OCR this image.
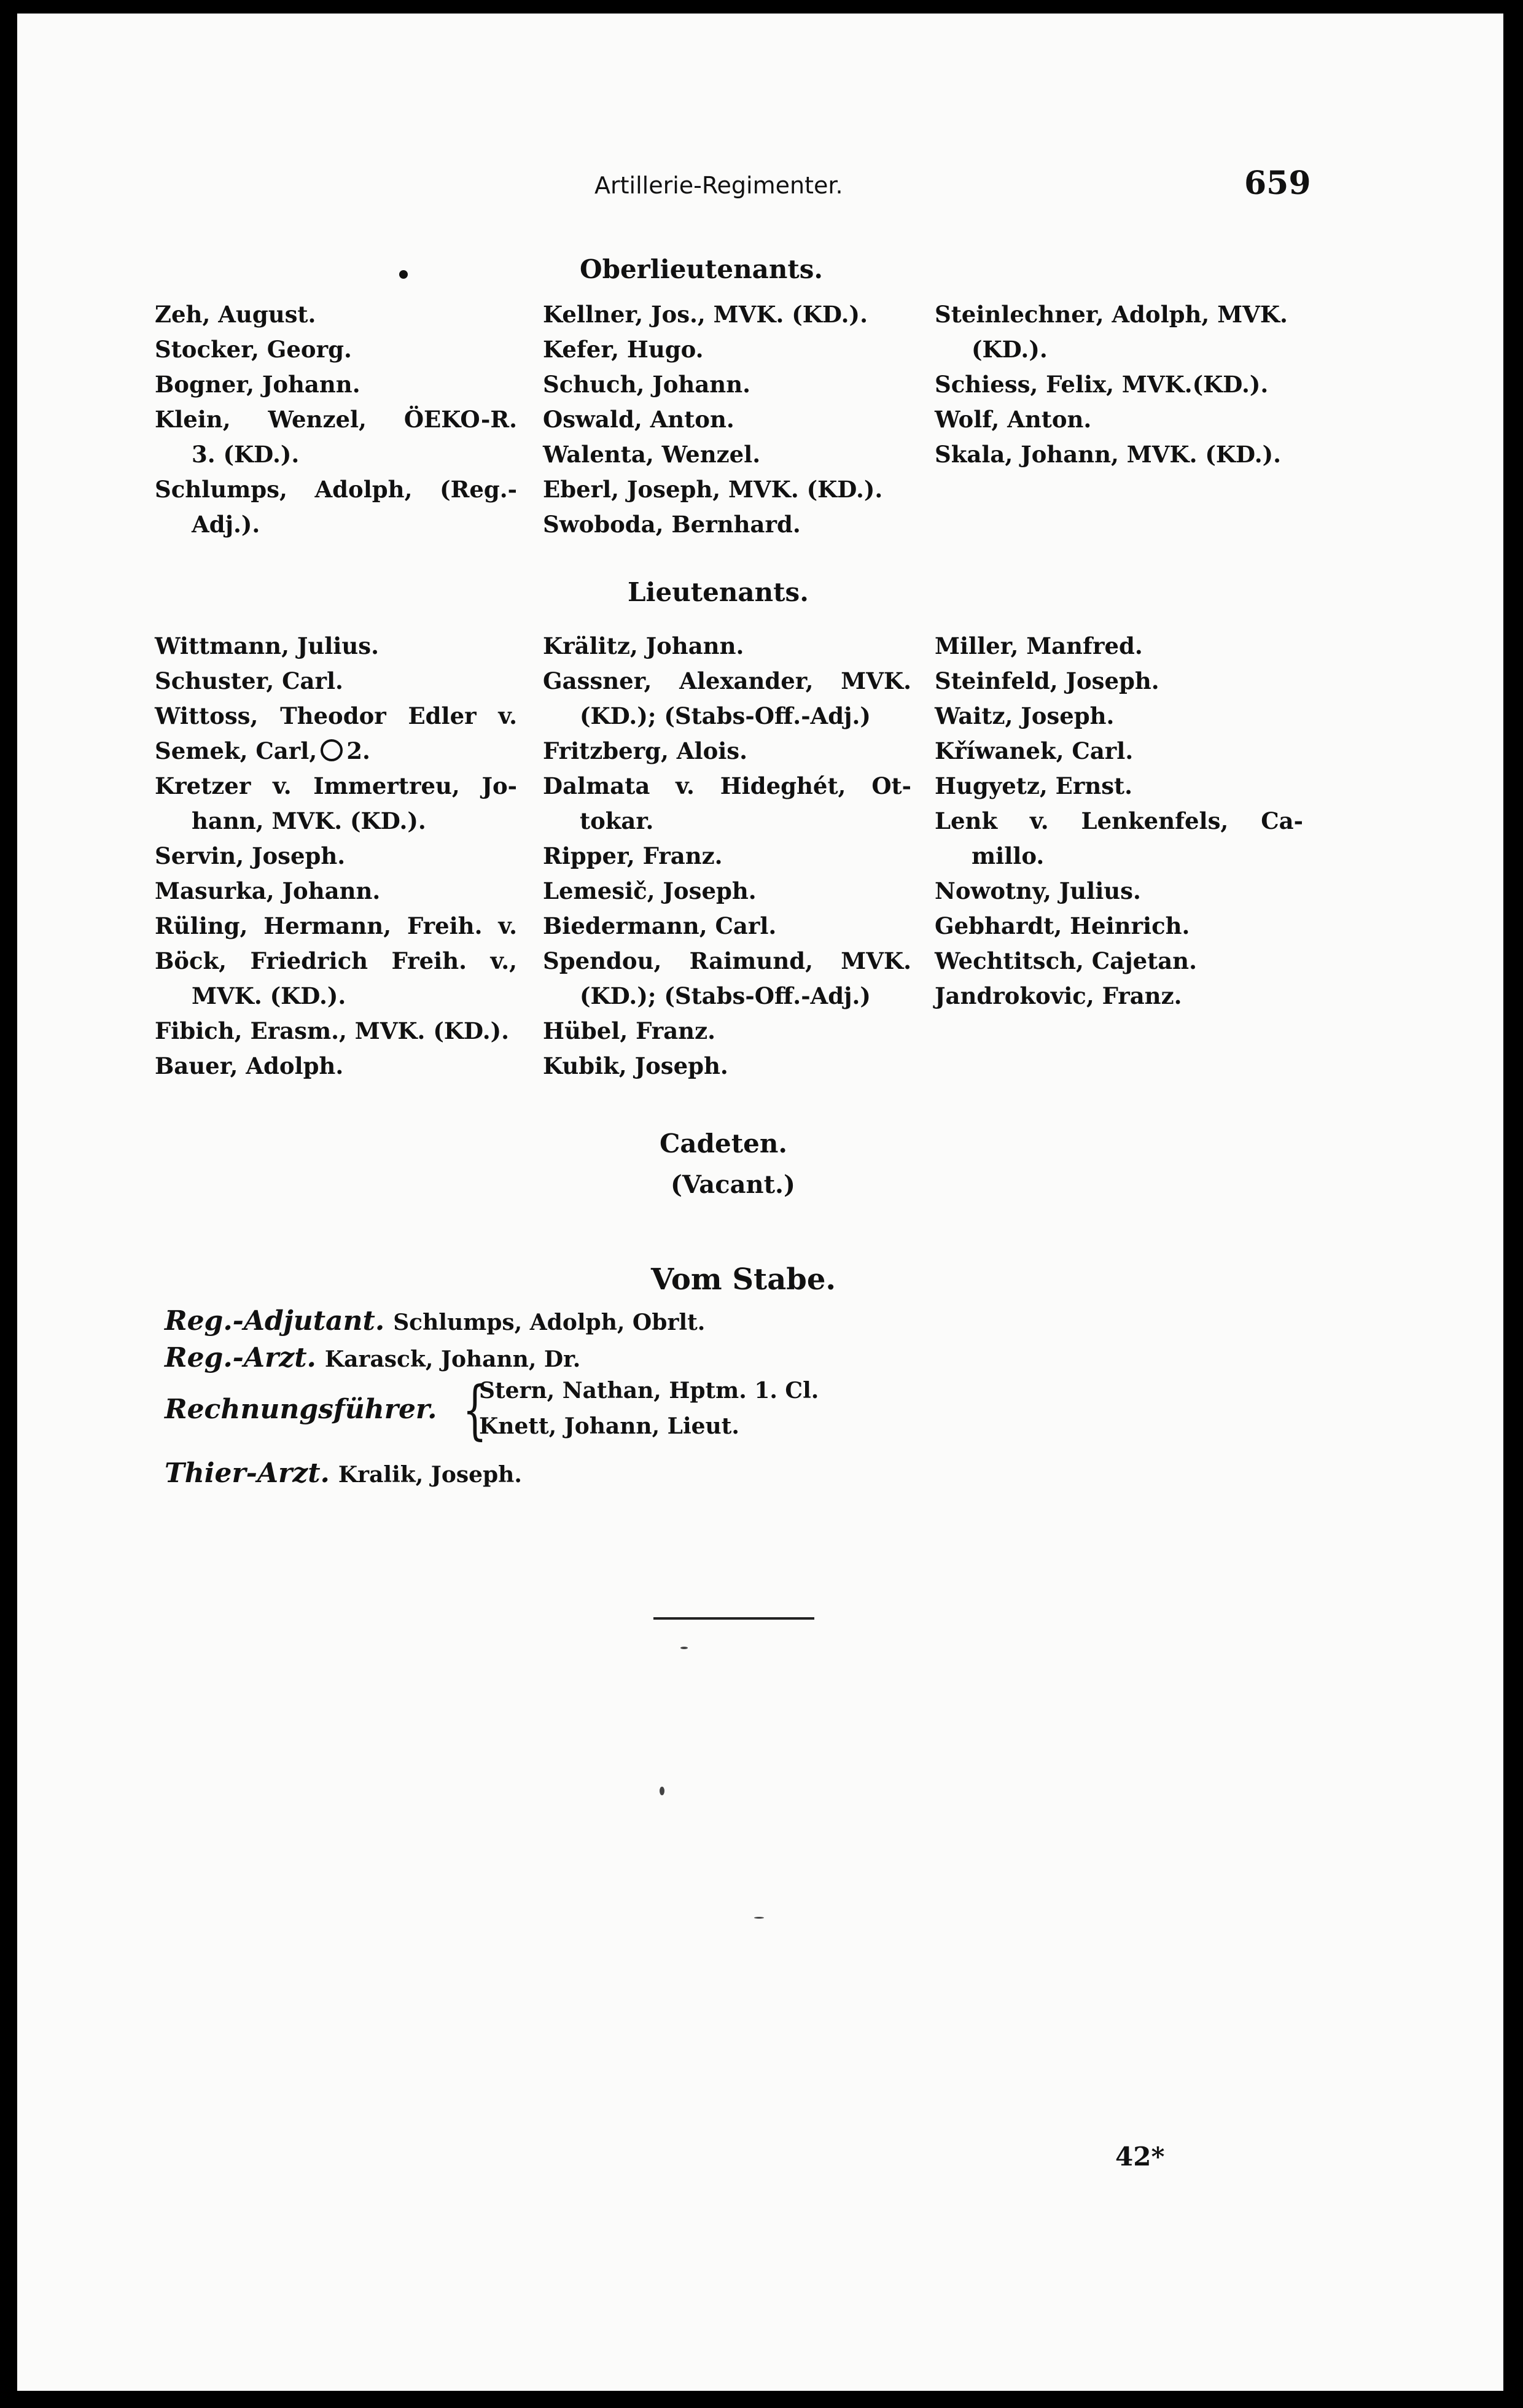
Artillerie-Regimenter.	659
Oberlieutenants.
Zeh, August.
Stocker, Georg.
Bogner, Johann.
Klein, Wenzel, ÖEKO-R.
3. (KD.).
Schlumps, Adolph, (Reg.-
Adj.).
Kellner, Jos., MVK. (KD.).
Kefer, Hugo.
Schuch, Johann.
Oswald, Anton.
Walenta, Wenzel.
Eberl, Joseph, MVK. (KD.).
Swoboda, Bernhard.
Steinlechner, Adolph, MVK.
(KD.).
Schiess, Felix, MVK.(KD.).
Wolf, Anton.
Skala, Johann, MVK. (KD.).
Lieutenants.
Wittmann, Julius.
Schuster, Carl.
Wittoss, Theodor Edler v.
Semek, Carl, 2.
Kretzer v. Immertreu, Jo-
hann, MVK. (KD.).
Servin, Joseph.
Masurka, Johann.
Rüling, Hermann, Freih. v.
Böck, Friedrich Freih. v.,
MVK. (KD.).
Fibich, Erasm., MVK. (KD.).
Bauer, Adolph.
Krälitz, Johann.
Gassner, Alexander, MVK.
(KD.); (Stabs-Off.-Adj.)
Fritzberg, Alois.
Dalmata v. Hideghét, Ot-
tokar.
Ripper, Franz.
Lemesič, Joseph.
Biedermann, Carl.
Spendou, Raimund, MVK.
(KD.); (Stabs-Off.-Adj.)
Hübel, Franz.
Kubik, Joseph.
Miller, Manfred.
Steinfeld, Joseph.
Waitz, Joseph.
Kříwanek, Carl.
Hugyetz, Ernst.
Lenk v. Lenkenfels, Ca-
millo.
Nowotny, Julius.
Gebhardt, Heinrich.
Wechtitsch, Cajetan.
Jandrokovic, Franz.
Cadeten.
(Vacant.)
Vom Stabe.
Reg.-Adjutant. Schlumps, Adolph, Obrlt.
Reg.-Arzt. Karasck, Johann, Dr.
Rechnungsführer. {
Stern, Nathan, Hptm. 1. Cl.
Knett, Johann, Lieut.
Thier-Arzt. Kralik, Joseph.
42*
